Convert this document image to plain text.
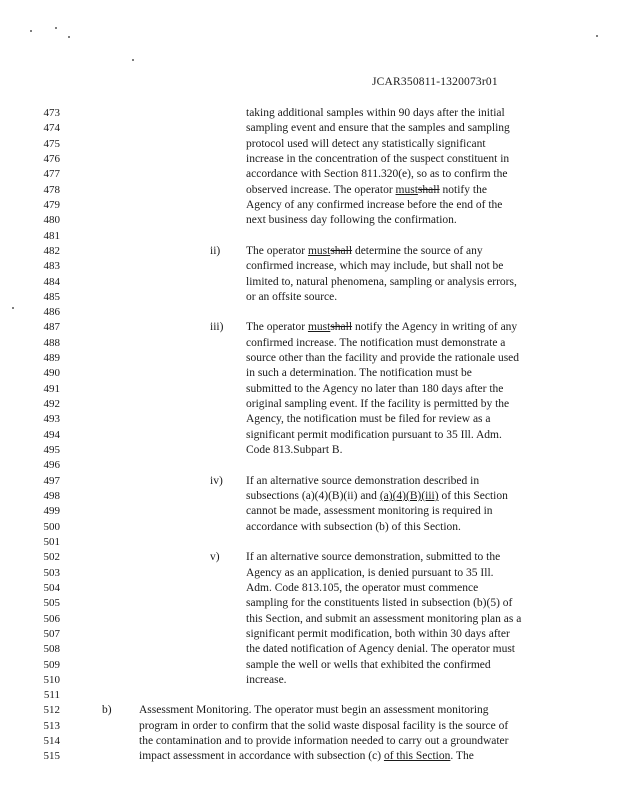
JCAR350811-1320073r01
473	taking additional samples within 90 days after the initial
474	sampling event and ensure that the samples and sampling
475	protocol used will detect any statistically significant
476	increase in the concentration of the suspect constituent in
477	accordance with Section 811.320(e), so as to confirm the
478	observed increase. The operator mustshall notify the
479	Agency of any confirmed increase before the end of the
480	next business day following the confirmation.
481
482	ii) The operator mustshall determine the source of any
483	confirmed increase, which may include, but shall not be
484	limited to, natural phenomena, sampling or analysis errors,
485	or an offsite source.
486
487	iii) The operator mustshall notify the Agency in writing of any
488	confirmed increase. The notification must demonstrate a
489	source other than the facility and provide the rationale used
490	in such a determination. The notification must be
491	submitted to the Agency no later than 180 days after the
492	original sampling event. If the facility is permitted by the
493	Agency, the notification must be filed for review as a
494	significant permit modification pursuant to 35 Ill. Adm.
495	Code 813.Subpart B.
496
497	iv) If an alternative source demonstration described in
498	subsections (a)(4)(B)(ii) and (a)(4)(B)(iii) of this Section
499	cannot be made, assessment monitoring is required in
500	accordance with subsection (b) of this Section.
501
502	v) If an alternative source demonstration, submitted to the
503	Agency as an application, is denied pursuant to 35 Ill.
504	Adm. Code 813.105, the operator must commence
505	sampling for the constituents listed in subsection (b)(5) of
506	this Section, and submit an assessment monitoring plan as a
507	significant permit modification, both within 30 days after
508	the dated notification of Agency denial. The operator must
509	sample the well or wells that exhibited the confirmed
510	increase.
511
512	b) Assessment Monitoring. The operator must begin an assessment monitoring
513	program in order to confirm that the solid waste disposal facility is the source of
514	the contamination and to provide information needed to carry out a groundwater
515	impact assessment in accordance with subsection (c) of this Section. The
